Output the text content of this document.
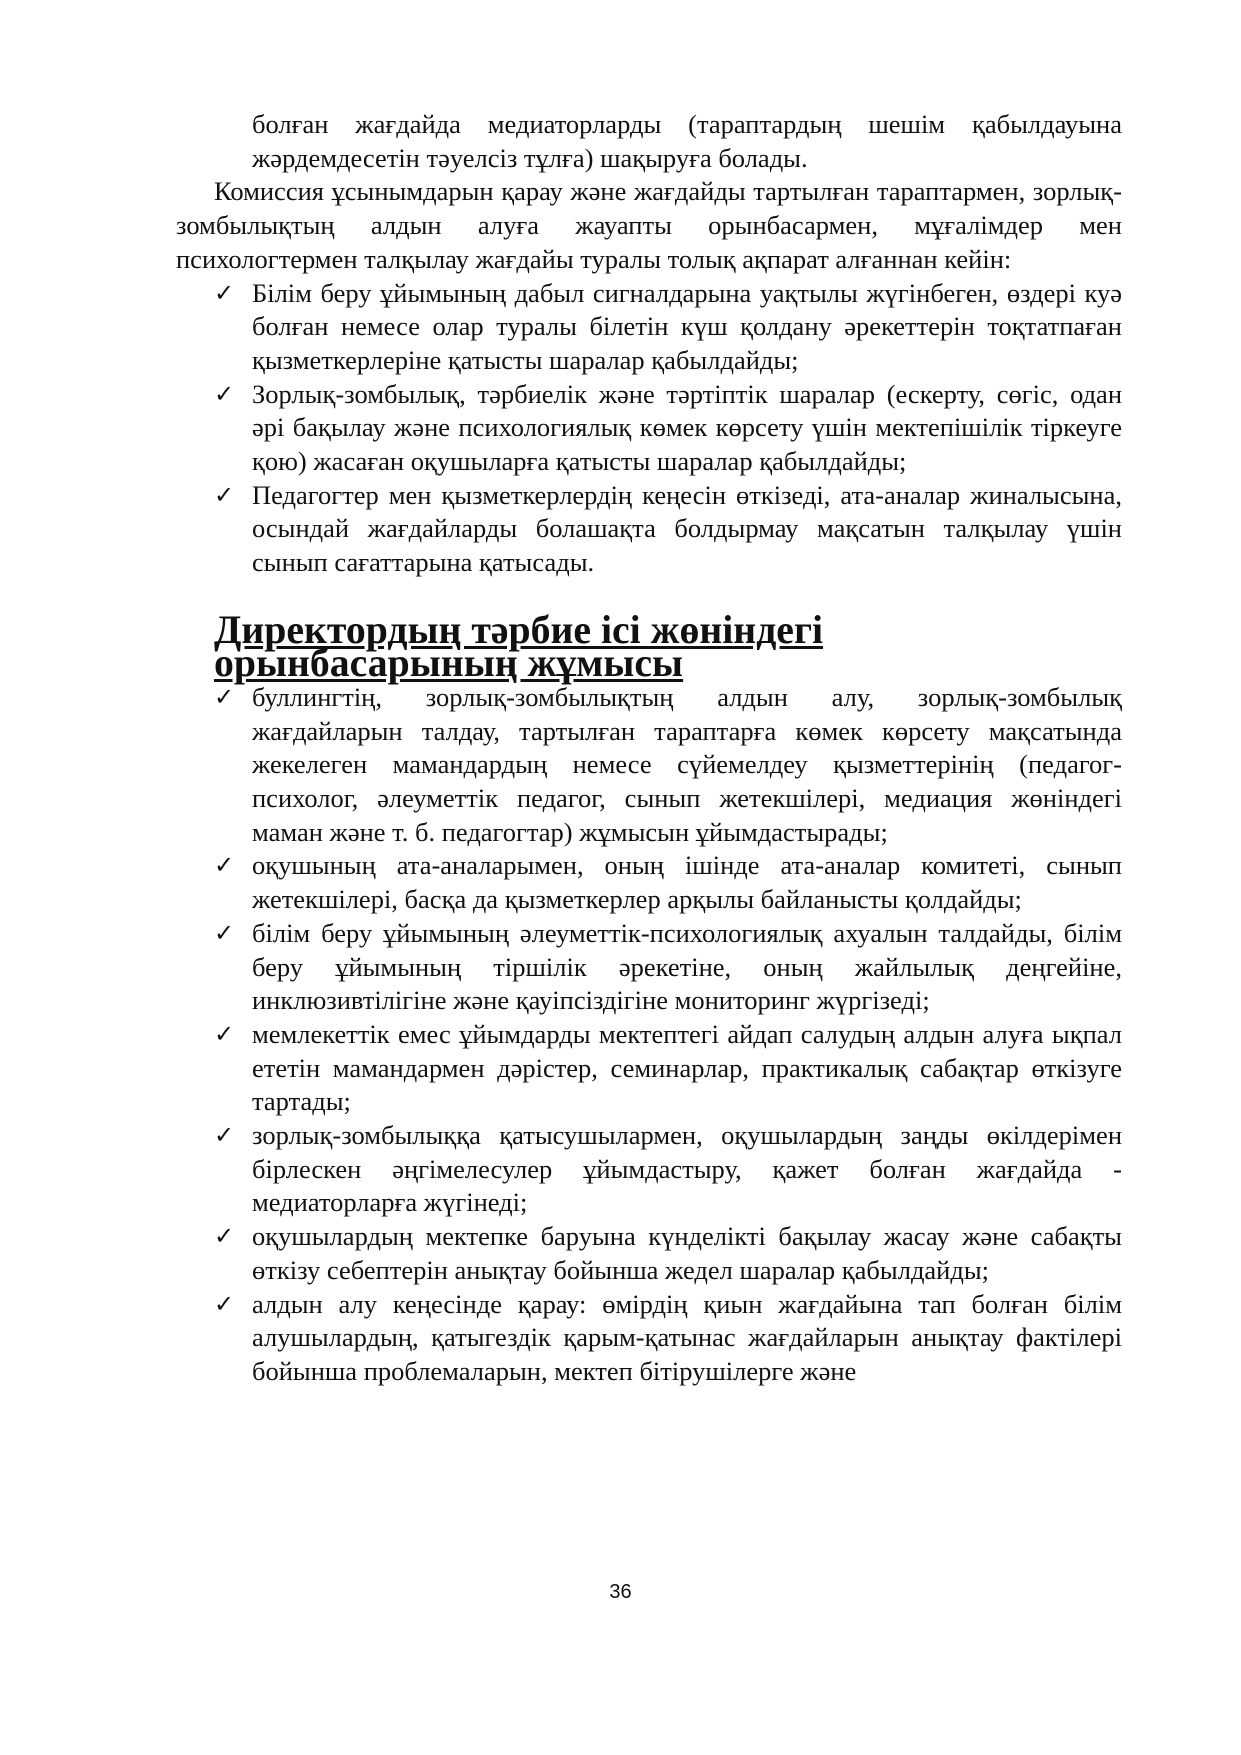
болған жағдайда медиаторларды (тараптардың шешім қабылдауына жәрдемдесетін тәуелсіз тұлға) шақыруға болады.

Комиссия ұсынымдарын қарау және жағдайды тартылған тараптармен, зорлық-зомбылықтың алдын алуға жауапты орынбасармен, мұғалімдер мен психологтермен талқылау жағдайы туралы толық ақпарат алғаннан кейін:

✓ Білім беру ұйымының дабыл сигналдарына уақтылы жүгінбеген, өздері куә болған немесе олар туралы білетін күш қолдану әрекеттерін тоқтатпаған қызметкерлеріне қатысты шаралар қабылдайды;
✓ Зорлық-зомбылық, тәрбиелік және тәртіптік шаралар (ескерту, сөгіс, одан әрі бақылау және психологиялық көмек көрсету үшін мектепішілік тіркеуге қою) жасаған оқушыларға қатысты шаралар қабылдайды;
✓ Педагогтер мен қызметкерлердің кеңесін өткізеді, ата-аналар жиналысына, осындай жағдайларды болашақта болдырмау мақсатын талқылау үшін сынып сағаттарына қатысады.
Директордың тәрбие ісі жөніндегі орынбасарының жұмысы
✓ буллингтің, зорлық-зомбылықтың алдын алу, зорлық-зомбылық жағдайларын талдау, тартылған тараптарға көмек көрсету мақсатында жекелеген мамандардың немесе сүйемелдеу қызметтерінің (педагог-психолог, әлеуметтік педагог, сынып жетекшілері, медиация жөніндегі маман және т. б. педагогтар) жұмысын ұйымдастырады;
✓ оқушының ата-аналарымен, оның ішінде ата-аналар комитеті, сынып жетекшілері, басқа да қызметкерлер арқылы байланысты қолдайды;
✓ білім беру ұйымының әлеуметтік-психологиялық ахуалын талдайды, білім беру ұйымының тіршілік әрекетіне, оның жайлылық деңгейіне, инклюзивтілігіне және қауіпсіздігіне мониторинг жүргізеді;
✓ мемлекеттік емес ұйымдарды мектептегі айдап салудың алдын алуға ықпал ететін мамандармен дәрістер, семинарлар, практикалық сабақтар өткізуге тартады;
✓ зорлық-зомбылыққа қатысушылармен, оқушылардың заңды өкілдерімен бірлескен әңгімелесулер ұйымдастыру, қажет болған жағдайда - медиаторларға жүгінеді;
✓ оқушылардың мектепке баруына күнделікті бақылау жасау және сабақты өткізу себептерін анықтау бойынша жедел шаралар қабылдайды;
✓ алдын алу кеңесінде қарау: өмірдің қиын жағдайына тап болған білім алушылардың, қатыгездік қарым-қатынас жағдайларын анықтау фактілері бойынша проблемаларын, мектеп бітірушілерге және
36
